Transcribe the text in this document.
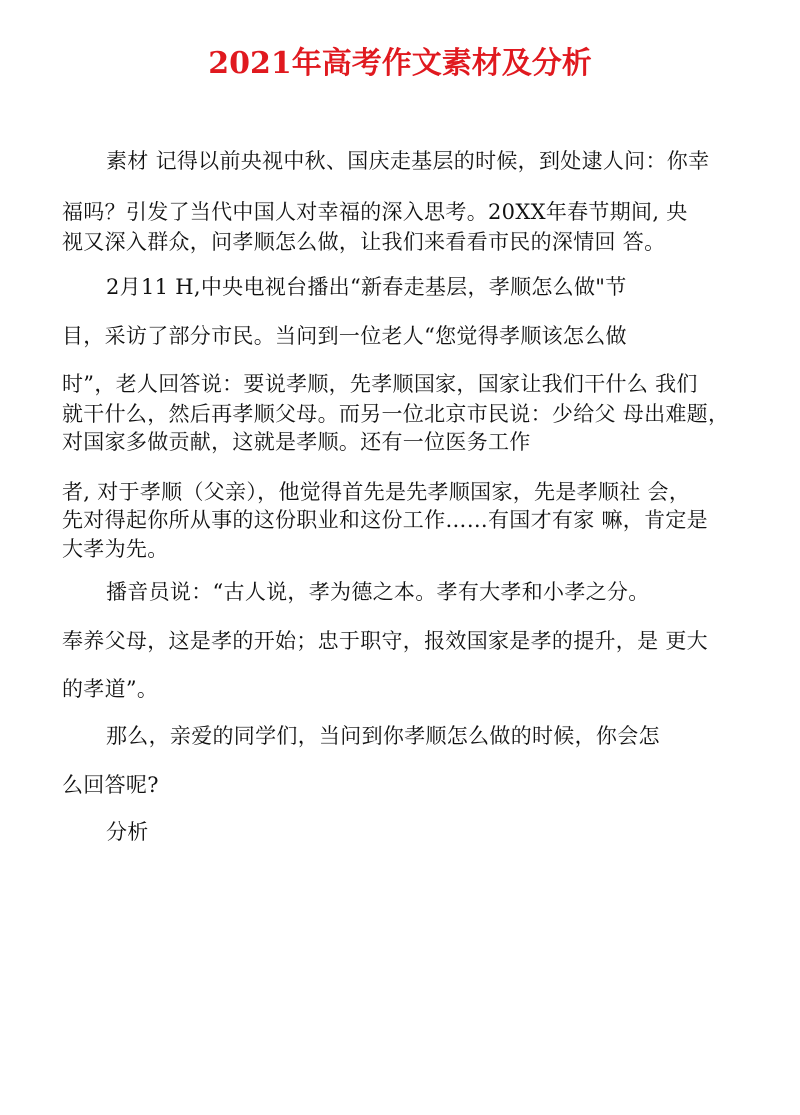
2021年高考作文素材及分析
素材 记得以前央视中秋、国庆走基层的时候，到处逮人问：你幸
福吗？引发了当代中国人对幸福的深入思考。20XX年春节期间, 央
视又深入群众，问孝顺怎么做，让我们来看看市民的深情回 答。
2月11 H,中央电视台播出“新春走基层，孝顺怎么做"节
目，采访了部分市民。当问到一位老人“您觉得孝顺该怎么做
时”，老人回答说：要说孝顺，先孝顺国家，国家让我们干什么 我们
就干什么，然后再孝顺父母。而另一位北京市民说：少给父 母出难题，
对国家多做贡献，这就是孝顺。还有一位医务工作
者, 对于孝顺（父亲），他觉得首先是先孝顺国家，先是孝顺社 会，
先对得起你所从事的这份职业和这份工作……有国才有家 嘛，肯定是
大孝为先。
播音员说：“古人说，孝为德之本。孝有大孝和小孝之分。
奉养父母，这是孝的开始；忠于职守，报效国家是孝的提升，是 更大
的孝道”。
那么，亲爱的同学们，当问到你孝顺怎么做的时候，你会怎
么回答呢?
分析
